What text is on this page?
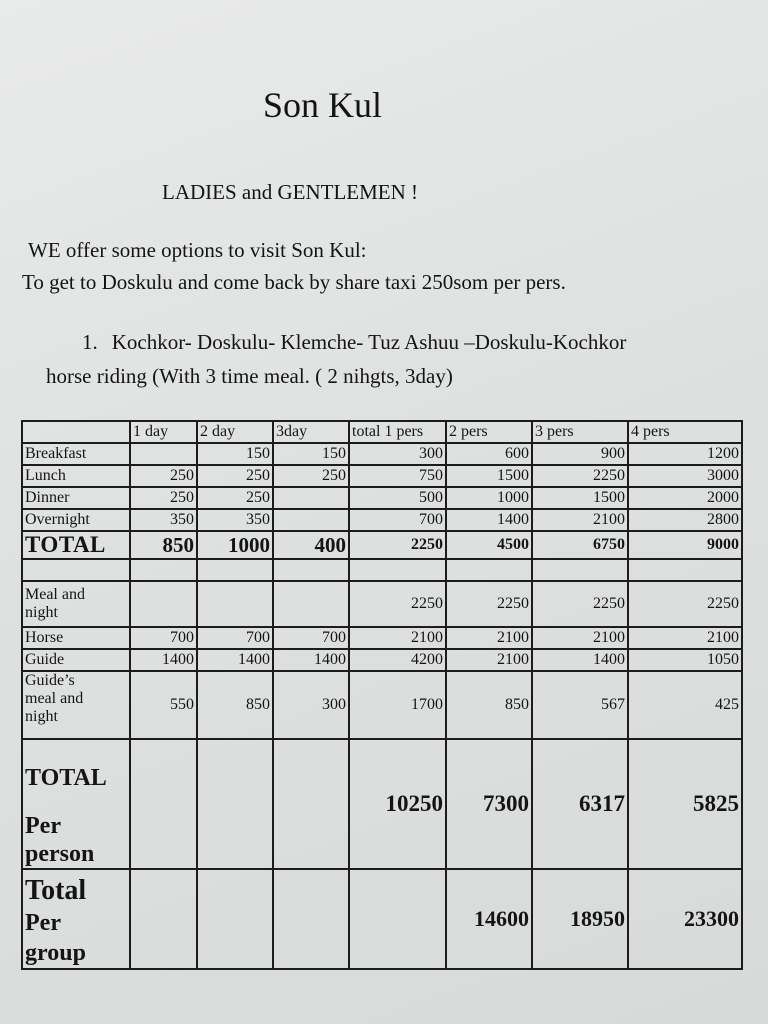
Son Kul
LADIES and GENTLEMEN !
WE offer some options to visit Son Kul:
To get to Doskulu and come back by share taxi 250som per pers.
1. Kochkor- Doskulu- Klemche- Tuz Ashuu –Doskulu-Kochkor
horse riding (With 3 time meal. ( 2 nihgts, 3day)
	1 day	2 day	3day	total 1 pers	2 pers	3 pers	4 pers
Breakfast		150	150	300	600	900	1200
Lunch	250	250	250	750	1500	2250	3000
Dinner	250	250		500	1000	1500	2000
Overnight	350	350		700	1400	2100	2800
TOTAL	850	1000	400	2250	4500	6750	9000

Meal and
night				2250	2250	2250	2250
Horse	700	700	700	2100	2100	2100	2100
Guide	1400	1400	1400	4200	2100	1400	1050
Guide’s
meal and
night	550	850	300	1700	850	567	425
TOTAL
Per
person				10250	7300	6317	5825
Total
Per
group					14600	18950	23300
